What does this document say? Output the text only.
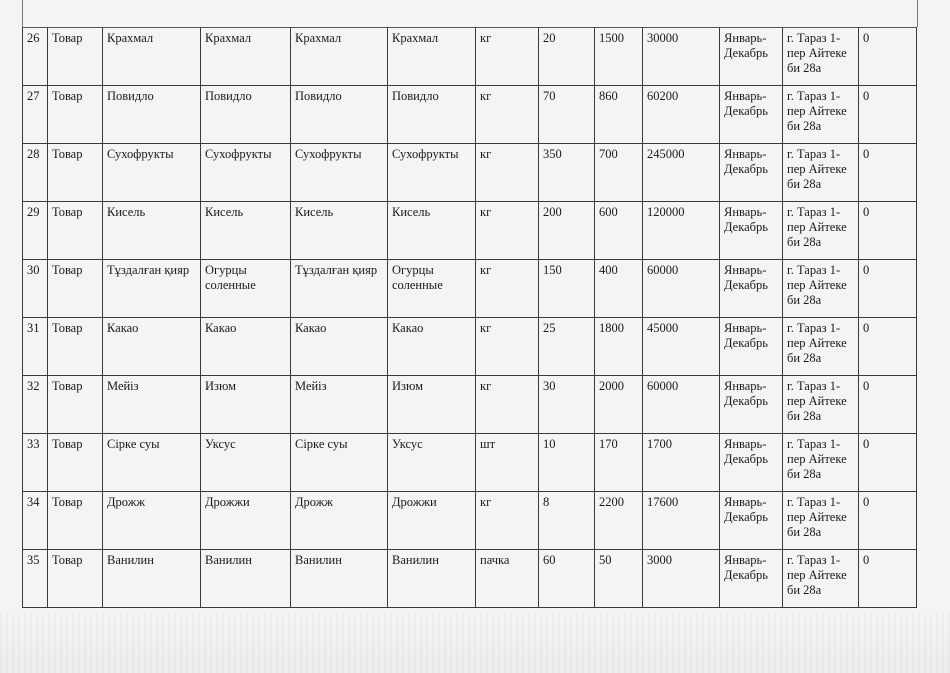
26	Товар	Крахмал	Крахмал	Крахмал	Крахмал	кг	20	1500	30000	Январь-Декабрь	г. Тараз 1-пер Айтеке би 28а	0
27	Товар	Повидло	Повидло	Повидло	Повидло	кг	70	860	60200	Январь-Декабрь	г. Тараз 1-пер Айтеке би 28а	0
28	Товар	Сухофрукты	Сухофрукты	Сухофрукты	Сухофрукты	кг	350	700	245000	Январь-Декабрь	г. Тараз 1-пер Айтеке би 28а	0
29	Товар	Кисель	Кисель	Кисель	Кисель	кг	200	600	120000	Январь-Декабрь	г. Тараз 1-пер Айтеке би 28а	0
30	Товар	Тұздалған қияр	Огурцы соленные	Тұздалған қияр	Огурцы соленные	кг	150	400	60000	Январь-Декабрь	г. Тараз 1-пер Айтеке би 28а	0
31	Товар	Какао	Какао	Какао	Какао	кг	25	1800	45000	Январь-Декабрь	г. Тараз 1-пер Айтеке би 28а	0
32	Товар	Мейіз	Изюм	Мейіз	Изюм	кг	30	2000	60000	Январь-Декабрь	г. Тараз 1-пер Айтеке би 28а	0
33	Товар	Сірке суы	Уксус	Сірке суы	Уксус	шт	10	170	1700	Январь-Декабрь	г. Тараз 1-пер Айтеке би 28а	0
34	Товар	Дрожж	Дрожжи	Дрожж	Дрожжи	кг	8	2200	17600	Январь-Декабрь	г. Тараз 1-пер Айтеке би 28а	0
35	Товар	Ванилин	Ванилин	Ванилин	Ванилин	пачка	60	50	3000	Январь-Декабрь	г. Тараз 1-пер Айтеке би 28а	0
